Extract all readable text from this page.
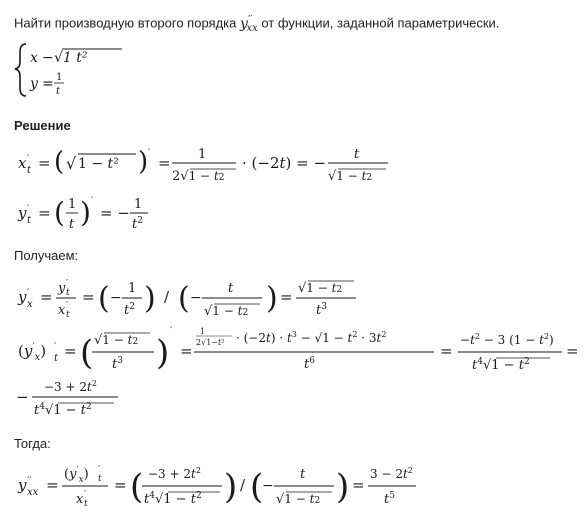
Найти производную второго порядка $y''_{xx}$ от функции, заданной параметрически.
x − √1 t²
y = 1
t
Решение
x ′
t = ( √ 1 − t² ) ′
= 1
2√1 − t2
· (−2t) = − t
√1 − t2
y ′
t = ( 1
t ) ′
= − 1
$t^2$
Получаем:
y ′
x = y ′
t
x ′
t
= ( −
1
$t^2$ ) / ( −
t
√1 − t2 ) = √1 − t2
$t^3$
$(y'_x)$ ′
t = ( √1 − t2
$t^3$ )
′
=
1
$2√1-t^2 \cdot (-2t) \cdot t^3 - √1 - t^2 \cdot 3t^2$
$t^6$
=
$-t^2 - 3$ $(1 - t^2)$
$t^4√1 - t^2$
=
−
$-3 + 2t^2$
$t^4√1 - t^2$
Тогда:
y ′′
xx =
$(y'_x)$ ′
t
x ′
t
= ( $-3 + 2t^2$
$t^4√1 - t^2$ ) / (
−
t
√1 − t2 ) =
$3 - 2t^2$
$t^5$
